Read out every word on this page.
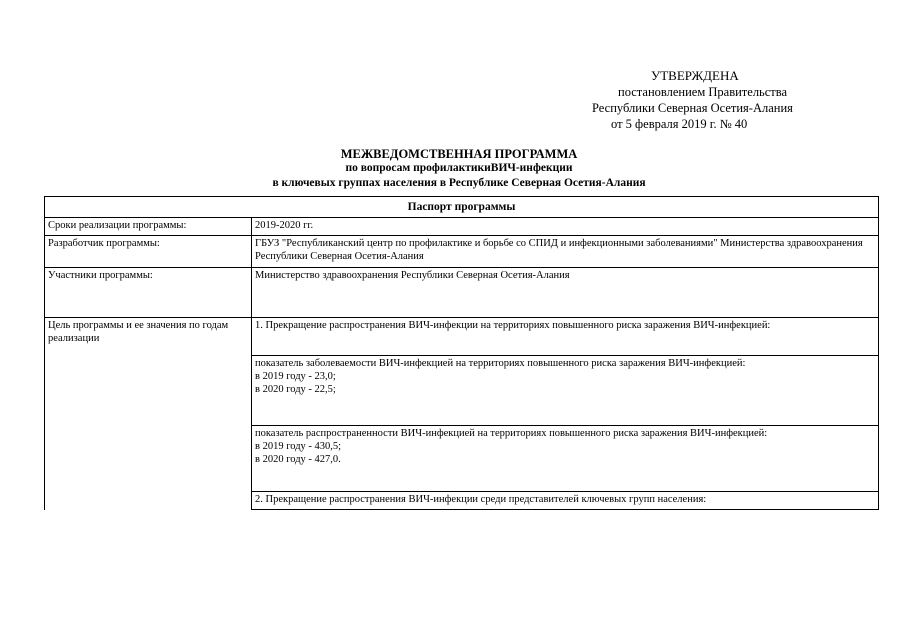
УТВЕРЖДЕНА
постановлением Правительства
Республики Северная Осетия-Алания
от 5 февраля 2019 г. № 40
МЕЖВЕДОМСТВЕННАЯ ПРОГРАММА
по вопросам профилактикиВИЧ-инфекции
в ключевых группах населения в Республике Северная Осетия-Алания
Паспорт программы	
Сроки реализации программы:	2019-2020 гг.
Разработчик программы:	ГБУЗ "Республиканский центр по профилактике и борьбе со СПИД и инфекционными заболеваниями" Министерства здравоохранения Республики Северная Осетия-Алания
Участники программы:	Министерство здравоохранения Республики Северная Осетия-Алания
Цель программы и ее значения по годам реализации	1. Прекращение распространения ВИЧ-инфекции на территориях повышенного риска заражения ВИЧ-инфекцией:

	показатель заболеваемости ВИЧ-инфекцией на территориях повышенного риска заражения ВИЧ-инфекцией:
в 2019 году - 23,0;
в 2020 году - 22,5;

	показатель распространенности ВИЧ-инфекцией на территориях повышенного риска заражения ВИЧ-инфекцией:
в 2019 году - 430,5;
в 2020 году - 427,0.

	2. Прекращение распространения ВИЧ-инфекции среди представителей ключевых групп населения:
